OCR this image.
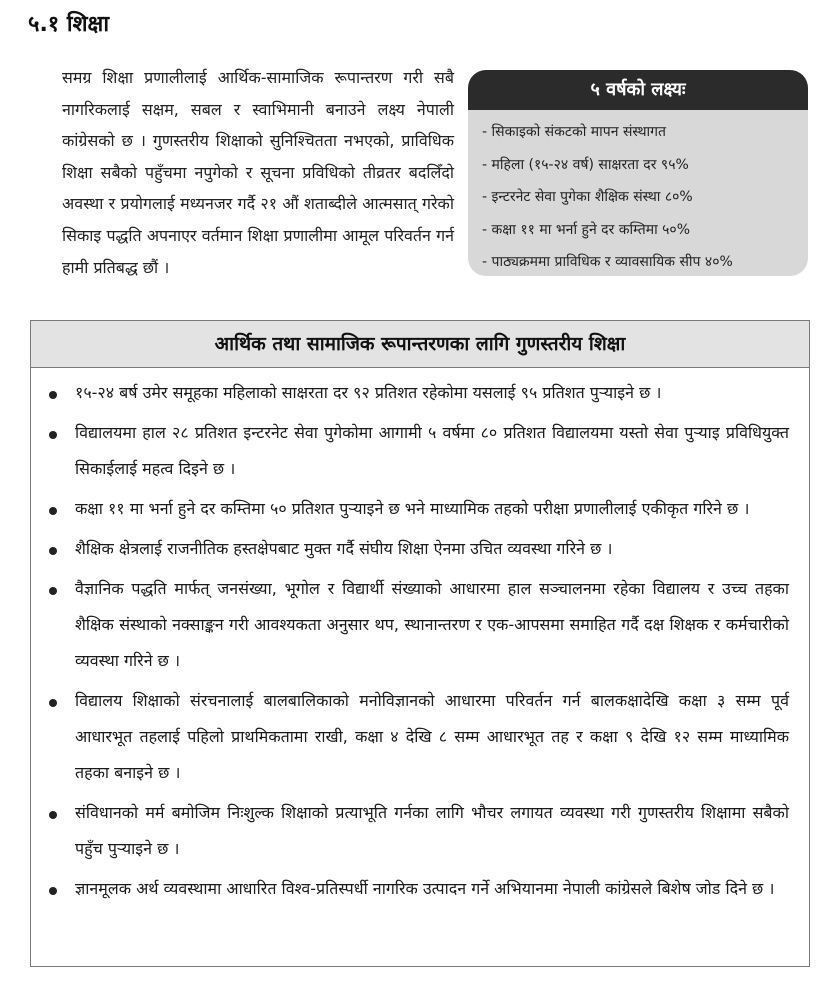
५.१ शिक्षा

समग्र शिक्षा प्रणालीलाई आर्थिक-सामाजिक रूपान्तरण गरी सबै नागरिकलाई सक्षम, सबल र स्वाभिमानी बनाउने लक्ष्य नेपाली कांग्रेसको छ । गुणस्तरीय शिक्षाको सुनिश्चितता नभएको, प्राविधिक शिक्षा सबैको पहुँचमा नपुगेको र सूचना प्रविधिको तीव्रतर बदलिँदो अवस्था र प्रयोगलाई मध्यनजर गर्दै २१ औं शताब्दीले आत्मसात् गरेको सिकाइ पद्धति अपनाएर वर्तमान शिक्षा प्रणालीमा आमूल परिवर्तन गर्न हामी प्रतिबद्ध छौं ।

५ वर्षको लक्ष्यः
- सिकाइको संकटको मापन संस्थागत
- महिला (१५-२४ वर्ष) साक्षरता दर ९५%
- इन्टरनेट सेवा पुगेका शैक्षिक संस्था ८०%
- कक्षा ११ मा भर्ना हुने दर कम्तिमा ५०%
- पाठ्यक्रममा प्राविधिक र व्यावसायिक सीप ४०%
आर्थिक तथा सामाजिक रूपान्तरणका लागि गुणस्तरीय शिक्षा
१५-२४ बर्ष उमेर समूहका महिलाको साक्षरता दर ९२ प्रतिशत रहेकोमा यसलाई ९५ प्रतिशत पुर्‍याइने छ ।
विद्यालयमा हाल २८ प्रतिशत इन्टरनेट सेवा पुगेकोमा आगामी ५ वर्षमा ८० प्रतिशत विद्यालयमा यस्तो सेवा पुर्‍याइ प्रविधियुक्त सिकाईलाई महत्व दिइने छ ।
कक्षा ११ मा भर्ना हुने दर कम्तिमा ५० प्रतिशत पुर्‍याइने छ भने माध्यामिक तहको परीक्षा प्रणालीलाई एकीकृत गरिने छ ।
शैक्षिक क्षेत्रलाई राजनीतिक हस्तक्षेपबाट मुक्त गर्दै संघीय शिक्षा ऐनमा उचित व्यवस्था गरिने छ ।
वैज्ञानिक पद्धति मार्फत् जनसंख्या, भूगोल र विद्यार्थी संख्याको आधारमा हाल सञ्चालनमा रहेका विद्यालय र उच्च तहका शैक्षिक संस्थाको नक्साङ्कन गरी आवश्यकता अनुसार थप, स्थानान्तरण र एक-आपसमा समाहित गर्दै दक्ष शिक्षक र कर्मचारीको व्यवस्था गरिने छ ।
विद्यालय शिक्षाको संरचनालाई बालबालिकाको मनोविज्ञानको आधारमा परिवर्तन गर्न बालकक्षादेखि कक्षा ३ सम्म पूर्व आधारभूत तहलाई पहिलो प्राथमिकतामा राखी, कक्षा ४ देखि ८ सम्म आधारभूत तह र कक्षा ९ देखि १२ सम्म माध्यामिक तहका बनाइने छ ।
संविधानको मर्म बमोजिम निःशुल्क शिक्षाको प्रत्याभूति गर्नका लागि भौचर लगायत व्यवस्था गरी गुणस्तरीय शिक्षामा सबैको पहुँच पुर्‍याइने छ ।
ज्ञानमूलक अर्थ व्यवस्थामा आधारित विश्व-प्रतिस्पर्धी नागरिक उत्पादन गर्ने अभियानमा नेपाली कांग्रेसले बिशेष जोड दिने छ ।
